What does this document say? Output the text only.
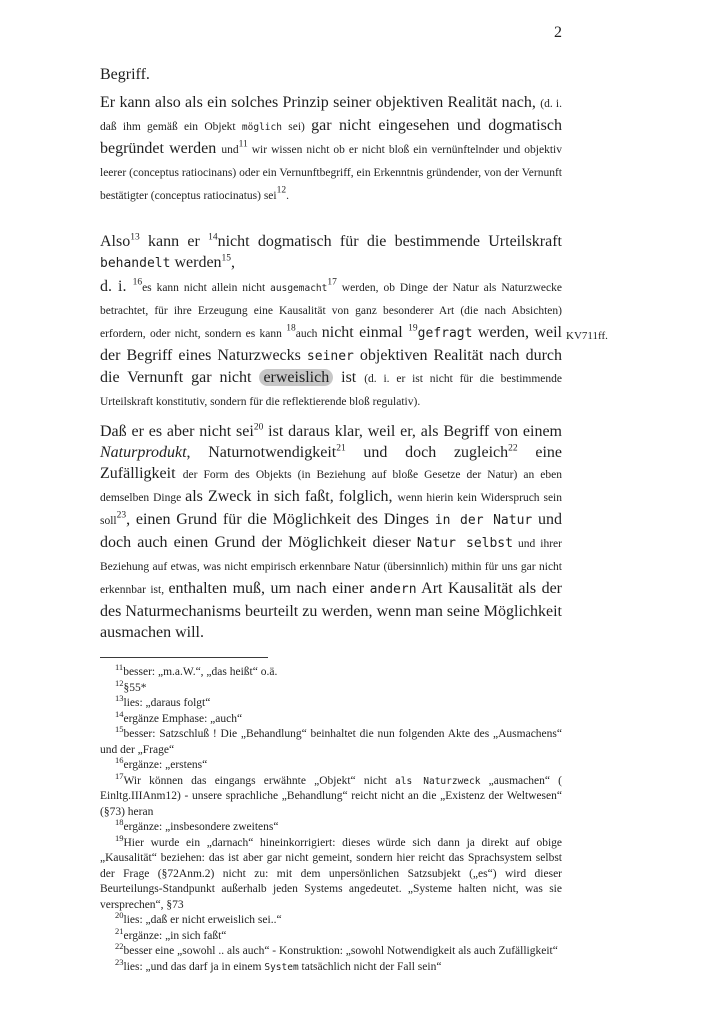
2

Begriff.

Er kann also als ein solches Prinzip seiner objektiven Realität nach, (d. i. daß ihm gemäß ein Objekt möglich sei) gar nicht eingesehen und dogmatisch begründet werden und$^{11}$ wir wissen nicht ob er nicht bloß ein vernünftelnder und objektiv leerer (conceptus ratiocinans) oder ein Vernunftbegriff, ein Erkenntnis gründender, von der Vernunft bestätigter (conceptus ratiocinatus) sei$^{12}$.

Also$^{13}$ kann er $^{14}$nicht dogmatisch für die bestimmende Urteilskraft behandelt werden$^{15}$,

d. i. $^{16}$es kann nicht allein nicht ausgemacht$^{17}$ werden, ob Dinge der Natur als Naturzwecke betrachtet, für ihre Erzeugung eine Kausalität von ganz besonderer Art (die nach Absichten) erfordern, oder nicht, sondern es kann $^{18}$auch nicht einmal $^{19}$gefragt werden, weil der Begriff eines Naturzwecks seiner objektiven Realität nach durch die Vernunft gar nicht erweislich ist (d. i. er ist nicht für die bestimmende Urteilskraft konstitutiv, sondern für die reflektierende bloß regulativ).

Daß er es aber nicht sei$^{20}$ ist daraus klar, weil er, als Begriff von einem Naturprodukt, Naturnotwendigkeit$^{21}$ und doch zugleich$^{22}$ eine Zufälligkeit der Form des Objekts (in Beziehung auf bloße Gesetze der Natur) an eben demselben Dinge als Zweck in sich faßt, folglich, wenn hierin kein Widerspruch sein soll$^{23}$, einen Grund für die Möglichkeit des Dinges in der Natur und doch auch einen Grund der Möglichkeit dieser Natur selbst und ihrer Beziehung auf etwas, was nicht empirisch erkennbare Natur (übersinnlich) mithin für uns gar nicht erkennbar ist, enthalten muß, um nach einer andern Art Kausalität als der des Naturmechanisms beurteilt zu werden, wenn man seine Möglichkeit ausmachen will.

$^{11}$besser: „m.a.W.“, „das heißt“ o.ä.
$^{12}$§55*
$^{13}$lies: „daraus folgt“
$^{14}$ergänze Emphase: „auch“
$^{15}$besser: Satzschluß ! Die „Behandlung“ beinhaltet die nun folgenden Akte des „Ausmachens“ und der „Frage“
$^{16}$ergänze: „erstens“
$^{17}$Wir können das eingangs erwähnte „Objekt“ nicht als Naturzweck „ausmachen“ ( Einltg.IIIAnm12) - unsere sprachliche „Behandlung“ reicht nicht an die „Existenz der Weltwesen“ (§73) heran
$^{18}$ergänze: „insbesondere zweitens“
$^{19}$Hier wurde ein „darnach“ hineinkorrigiert: dieses würde sich dann ja direkt auf obige „Kausalität“ beziehen: das ist aber gar nicht gemeint, sondern hier reicht das Sprachsystem selbst der Frage (§72Anm.2) nicht zu: mit dem unpersönlichen Satzsubjekt („es“) wird dieser Beurteilungs-Standpunkt außerhalb jeden Systems angedeutet. „Systeme halten nicht, was sie versprechen“, §73
$^{20}$lies: „daß er nicht erweislich sei..“
$^{21}$ergänze: „in sich faßt“
$^{22}$besser eine „sowohl .. als auch“ - Konstruktion: „sowohl Notwendigkeit als auch Zufälligkeit“
$^{23}$lies: „und das darf ja in einem System tatsächlich nicht der Fall sein“
KV711ff.
